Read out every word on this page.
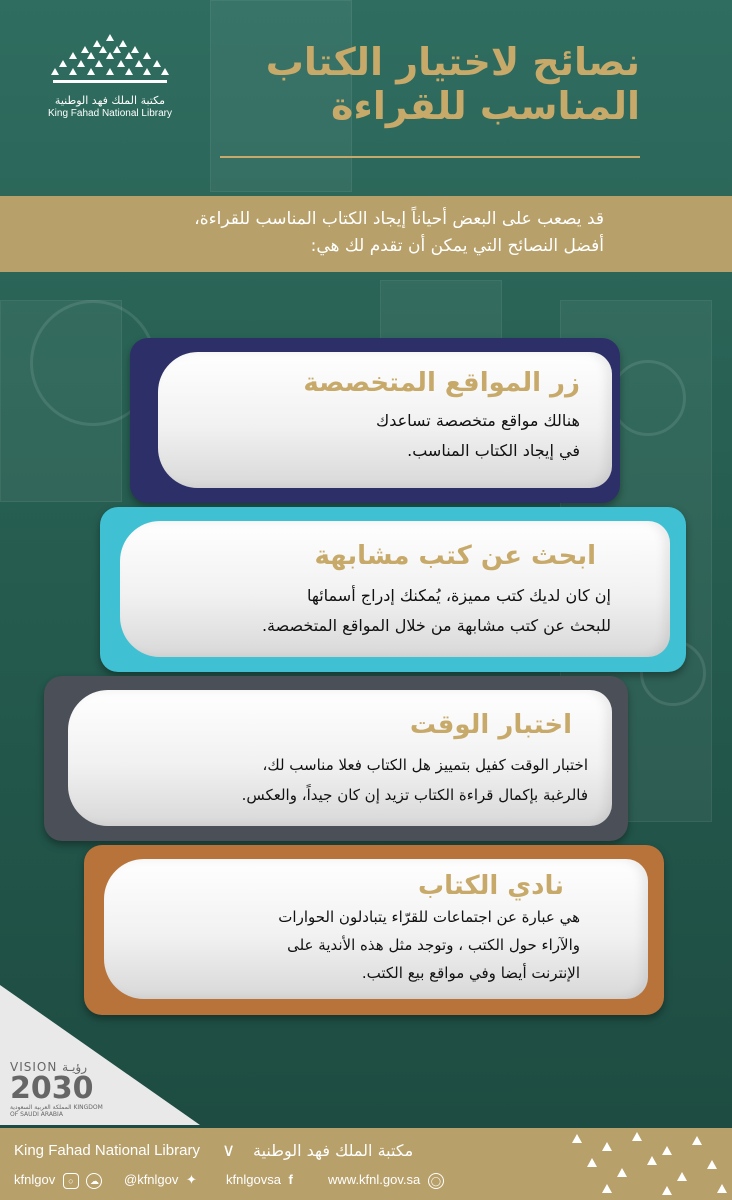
مكتبة الملك فهد الوطنية
King Fahad National Library
نصائح لاختيار الكتاب
المناسب للقراءة
قد يصعب على البعض أحياناً إيجاد الكتاب المناسب للقراءة،
أفضل النصائح التي يمكن أن تقدم لك هي:
زر المواقع المتخصصة
هنالك مواقع متخصصة تساعدك
في إيجاد الكتاب المناسب.
ابحث عن كتب مشابهة
إن كان لديك كتب مميزة، يُمكنك إدراج أسمائها
للبحث عن كتب مشابهة من خلال المواقع المتخصصة.
اختبار الوقت
اختبار الوقت كفيل بتمييز هل الكتاب فعلا مناسب لك،
فالرغبة بإكمال قراءة الكتاب تزيد إن كان جيداً، والعكس.
نادي الكتاب
هي عبارة عن اجتماعات للقرّاء يتبادلون الحوارات
والآراء حول الكتب ، وتوجد مثل هذه الأندية على
الإنترنت أيضا وفي مواقع بيع الكتب.
VISION رؤيـة
2030
المملكة العربية السعودية KINGDOM OF SAUDI ARABIA
King Fahad National Library ∨ مكتبة الملك فهد الوطنية
kfnlgov ○ ☁ @kfnlgov ✦ kfnlgovsa f	www.kfnl.gov.sa ◯
